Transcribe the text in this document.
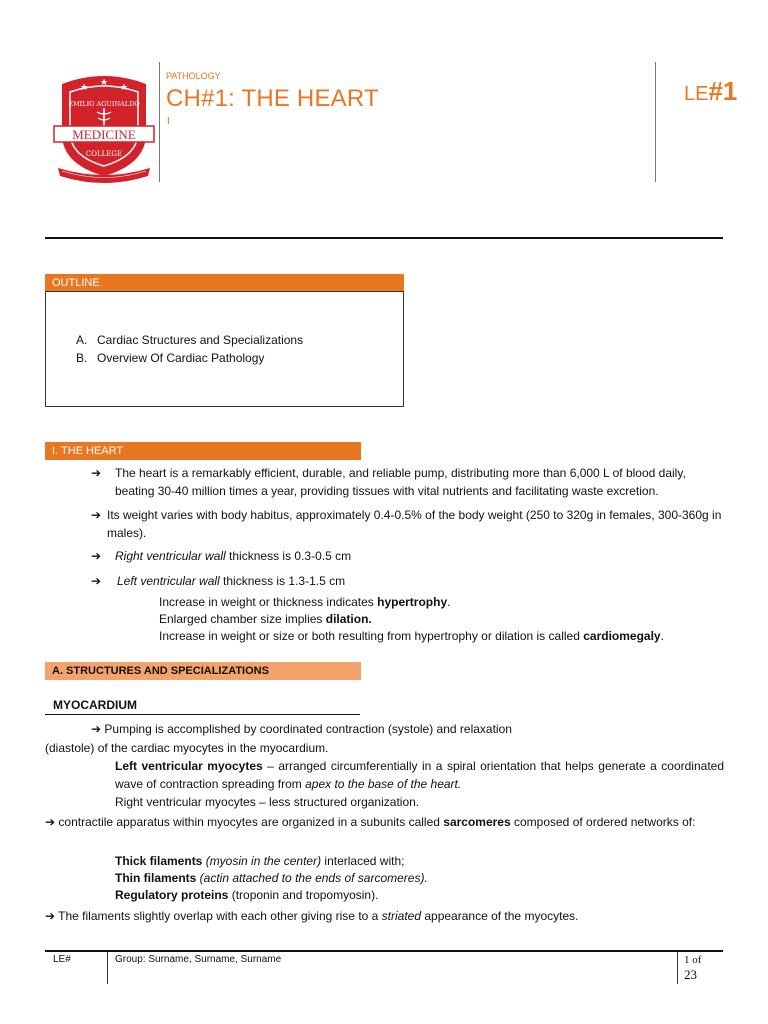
★ ★ ★
EMILIO AGUINALDO
MEDICINE
COLLEGE
PATHOLOGY
CH#1: THE HEART
I
LE#1
OUTLINE
A. Cardiac Structures and Specializations
B. Overview Of Cardiac Pathology
I. THE HEART
➔ The heart is a remarkably efficient, durable, and reliable pump, distributing more than 6,000 L of blood daily, beating 30-40 million times a year, providing tissues with vital nutrients and facilitating waste excretion.
➔ Its weight varies with body habitus, approximately 0.4-0.5% of the body weight (250 to 320g in females, 300-360g in males).
➔ Right ventricular wall thickness is 0.3-0.5 cm
➔ Left ventricular wall thickness is 1.3-1.5 cm
Increase in weight or thickness indicates hypertrophy.
Enlarged chamber size implies dilation.
Increase in weight or size or both resulting from hypertrophy or dilation is called cardiomegaly.
A. STRUCTURES AND SPECIALIZATIONS
MYOCARDIUM
➔ Pumping is accomplished by coordinated contraction (systole) and relaxation
(diastole) of the cardiac myocytes in the myocardium.
Left ventricular myocytes – arranged circumferentially in a spiral orientation that helps generate a coordinated wave of contraction spreading from apex to the base of the heart.
Right ventricular myocytes – less structured organization.
➔ contractile apparatus within myocytes are organized in a subunits called sarcomeres composed of ordered networks of:
Thick filaments (myosin in the center) interlaced with;
Thin filaments (actin attached to the ends of sarcomeres).
Regulatory proteins (troponin and tropomyosin).
➔ The filaments slightly overlap with each other giving rise to a striated appearance of the myocytes.
LE#	Group: Surname, Surname, Surname	1 of
23
